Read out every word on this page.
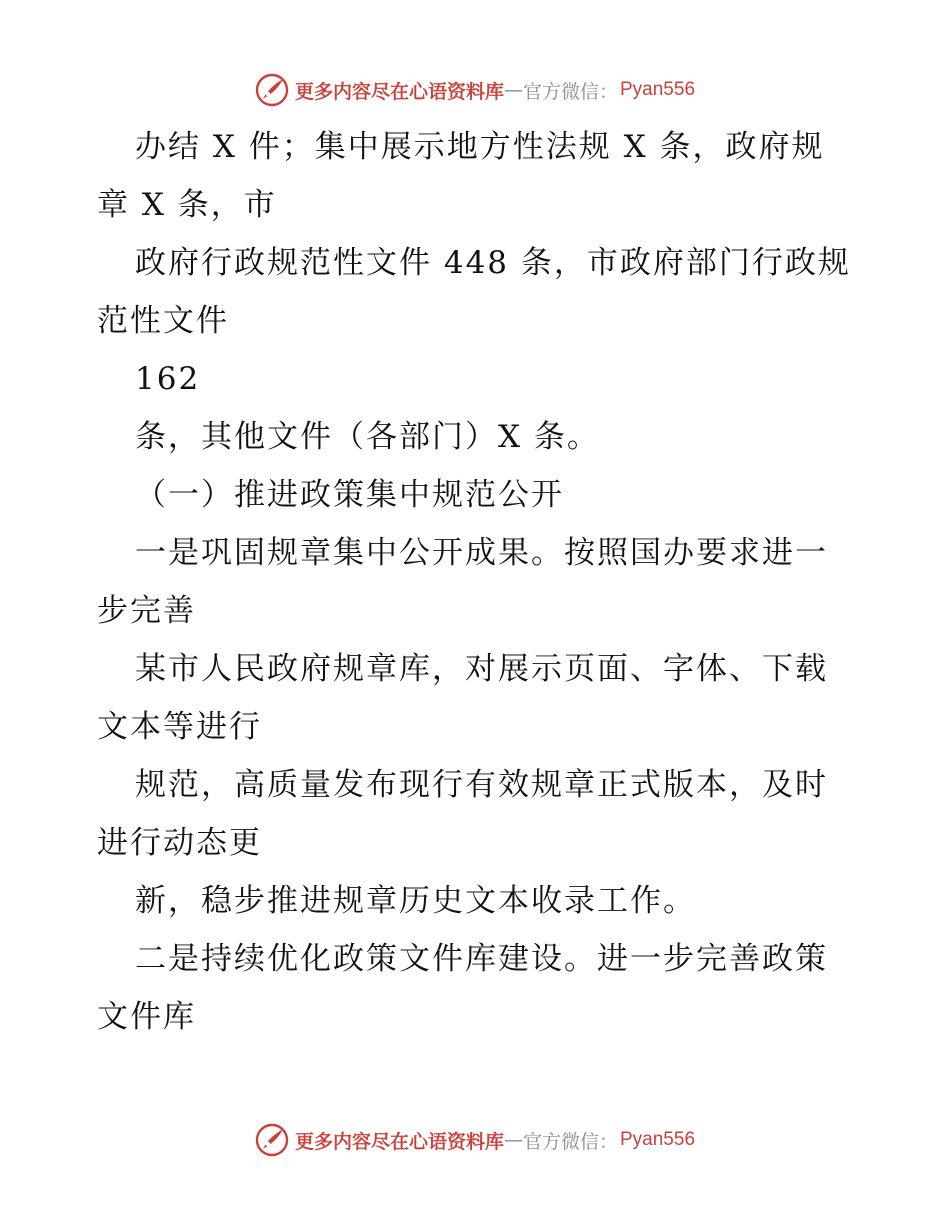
更多内容尽在心语资料库 — 官方微信： Pyan556

办结 X 件；集中展示地方性法规 X 条，政府规章 X 条，市

政府行政规范性文件 448 条，市政府部门行政规范性文件

162

条，其他文件（各部门）X 条。

（一）推进政策集中规范公开

一是巩固规章集中公开成果。按照国办要求进一步完善

某市人民政府规章库，对展示页面、字体、下载文本等进行

规范，高质量发布现行有效规章正式版本，及时进行动态更

新，稳步推进规章历史文本收录工作。

二是持续优化政策文件库建设。进一步完善政策文件库

更多内容尽在心语资料库 — 官方微信： Pyan556
